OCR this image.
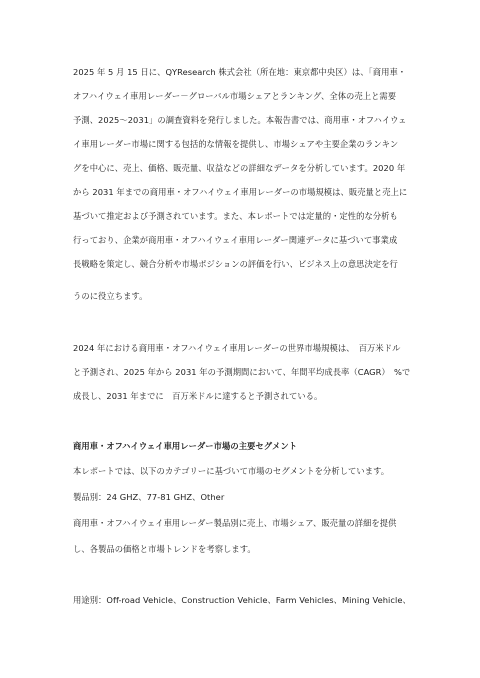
2025 年 5 月 15 日に、QYResearch 株式会社（所在地：東京都中央区）は、「商用車・
オフハイウェイ車用レーダー－グローバル市場シェアとランキング、全体の売上と需要
予測、2025～2031」の調査資料を発行しました。本報告書では、商用車・オフハイウェ
イ車用レーダー市場に関する包括的な情報を提供し、市場シェアや主要企業のランキン
グを中心に、売上、価格、販売量、収益などの詳細なデータを分析しています。2020 年
から 2031 年までの商用車・オフハイウェイ車用レーダーの市場規模は、販売量と売上に
基づいて推定および予測されています。また、本レポートでは定量的・定性的な分析も
行っており、企業が商用車・オフハイウェイ車用レーダー関連データに基づいて事業成
長戦略を策定し、競合分析や市場ポジションの評価を行い、ビジネス上の意思決定を行
うのに役立ちます。
2024 年における商用車・オフハイウェイ車用レーダーの世界市場規模は、　百万米ドル
と予測され、2025 年から 2031 年の予測期間において、年間平均成長率（CAGR）　%で
成長し、2031 年までに　百万米ドルに達すると予測されている。
商用車・オフハイウェイ車用レーダー市場の主要セグメント
本レポートでは、以下のカテゴリーに基づいて市場のセグメントを分析しています。
製品別：24 GHZ、77-81 GHZ、Other
商用車・オフハイウェイ車用レーダー製品別に売上、市場シェア、販売量の詳細を提供
し、各製品の価格と市場トレンドを考察します。
用途別：Off-road Vehicle、Construction Vehicle、Farm Vehicles、Mining Vehicle、
